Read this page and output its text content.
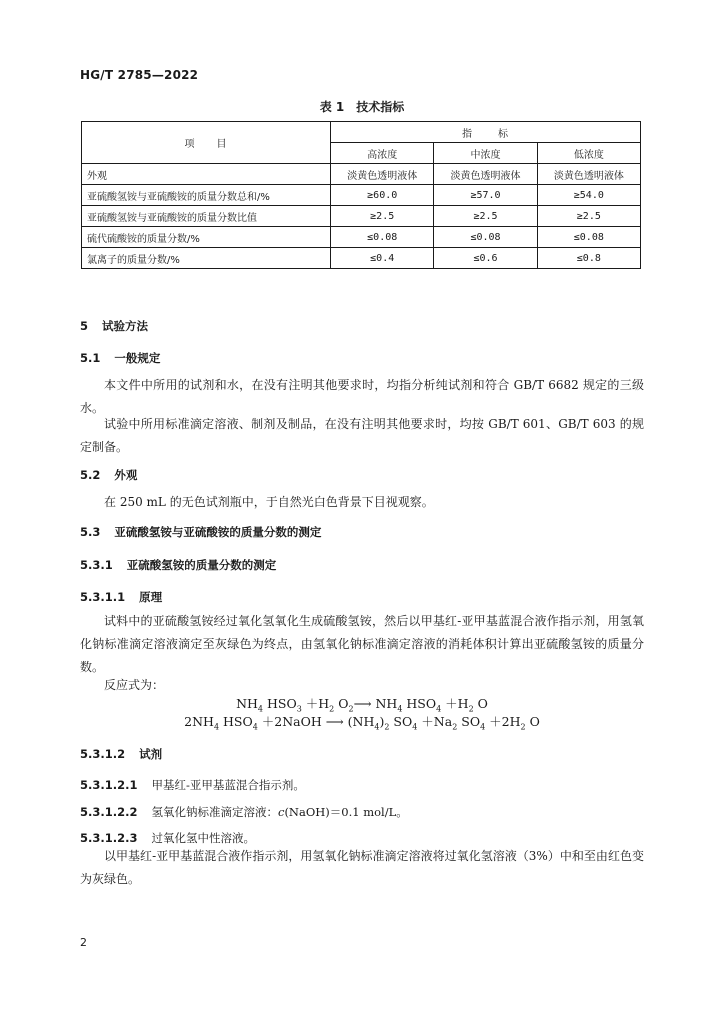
HG/T 2785—2022
表 1　技术指标
项目	指标		
	高浓度	中浓度	低浓度
外观	淡黄色透明液体	淡黄色透明液体	淡黄色透明液体
亚硫酸氢铵与亚硫酸铵的质量分数总和/%	≥60.0	≥57.0	≥54.0
亚硫酸氢铵与亚硫酸铵的质量分数比值	≥2.5	≥2.5	≥2.5
硫代硫酸铵的质量分数/%	≤0.08	≤0.08	≤0.08
氯离子的质量分数/%	≤0.4	≤0.6	≤0.8
5 试验方法
5.1 一般规定
本文件中所用的试剂和水，在没有注明其他要求时，均指分析纯试剂和符合 GB/T 6682 规定的三级水。
试验中所用标准滴定溶液、制剂及制品，在没有注明其他要求时，均按 GB/T 601、GB/T 603 的规定制备。
5.2 外观
在 250 mL 的无色试剂瓶中，于自然光白色背景下目视观察。
5.3 亚硫酸氢铵与亚硫酸铵的质量分数的测定
5.3.1 亚硫酸氢铵的质量分数的测定
5.3.1.1 原理
试料中的亚硫酸氢铵经过氧化氢氧化生成硫酸氢铵，然后以甲基红-亚甲基蓝混合液作指示剂，用氢氧化钠标准滴定溶液滴定至灰绿色为终点，由氢氧化钠标准滴定溶液的消耗体积计算出亚硫酸氢铵的质量分数。
反应式为：
$NH_4$ $HSO_3 +H_2$ $O_2⟶$ $NH_4$ $HSO_4 +H_2$ O
$2NH_4$ $HSO_4$ ＋2NaOH ⟶ $(NH_4)_2$ $SO_4 +Na_2$ $SO_4 +2H_2$ O
5.3.1.2 试剂
5.3.1.2.1 甲基红-亚甲基蓝混合指示剂。
5.3.1.2.2 氢氧化钠标准滴定溶液：c(NaOH)＝0.1 mol/L。
5.3.1.2.3 过氧化氢中性溶液。
以甲基红-亚甲基蓝混合液作指示剂，用氢氧化钠标准滴定溶液将过氧化氢溶液（3%）中和至由红色变为灰绿色。
2
